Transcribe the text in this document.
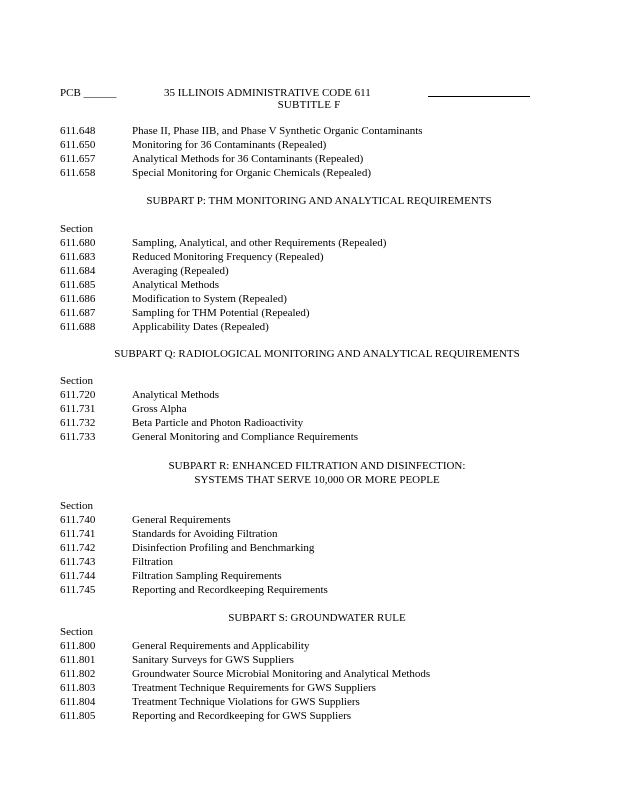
PCB ______	35 ILLINOIS ADMINISTRATIVE CODE 611
SUBTITLE F
611.648	Phase II, Phase IIB, and Phase V Synthetic Organic Contaminants
611.650	Monitoring for 36 Contaminants (Repealed)
611.657	Analytical Methods for 36 Contaminants (Repealed)
611.658	Special Monitoring for Organic Chemicals (Repealed)
SUBPART P: THM MONITORING AND ANALYTICAL REQUIREMENTS
Section
611.680	Sampling, Analytical, and other Requirements (Repealed)
611.683	Reduced Monitoring Frequency (Repealed)
611.684	Averaging (Repealed)
611.685	Analytical Methods
611.686	Modification to System (Repealed)
611.687	Sampling for THM Potential (Repealed)
611.688	Applicability Dates (Repealed)
SUBPART Q: RADIOLOGICAL MONITORING AND ANALYTICAL REQUIREMENTS
Section
611.720	Analytical Methods
611.731	Gross Alpha
611.732	Beta Particle and Photon Radioactivity
611.733	General Monitoring and Compliance Requirements
SUBPART R: ENHANCED FILTRATION AND DISINFECTION:
SYSTEMS THAT SERVE 10,000 OR MORE PEOPLE
Section
611.740	General Requirements
611.741	Standards for Avoiding Filtration
611.742	Disinfection Profiling and Benchmarking
611.743	Filtration
611.744	Filtration Sampling Requirements
611.745	Reporting and Recordkeeping Requirements
SUBPART S: GROUNDWATER RULE
Section
611.800	General Requirements and Applicability
611.801	Sanitary Surveys for GWS Suppliers
611.802	Groundwater Source Microbial Monitoring and Analytical Methods
611.803	Treatment Technique Requirements for GWS Suppliers
611.804	Treatment Technique Violations for GWS Suppliers
611.805	Reporting and Recordkeeping for GWS Suppliers
